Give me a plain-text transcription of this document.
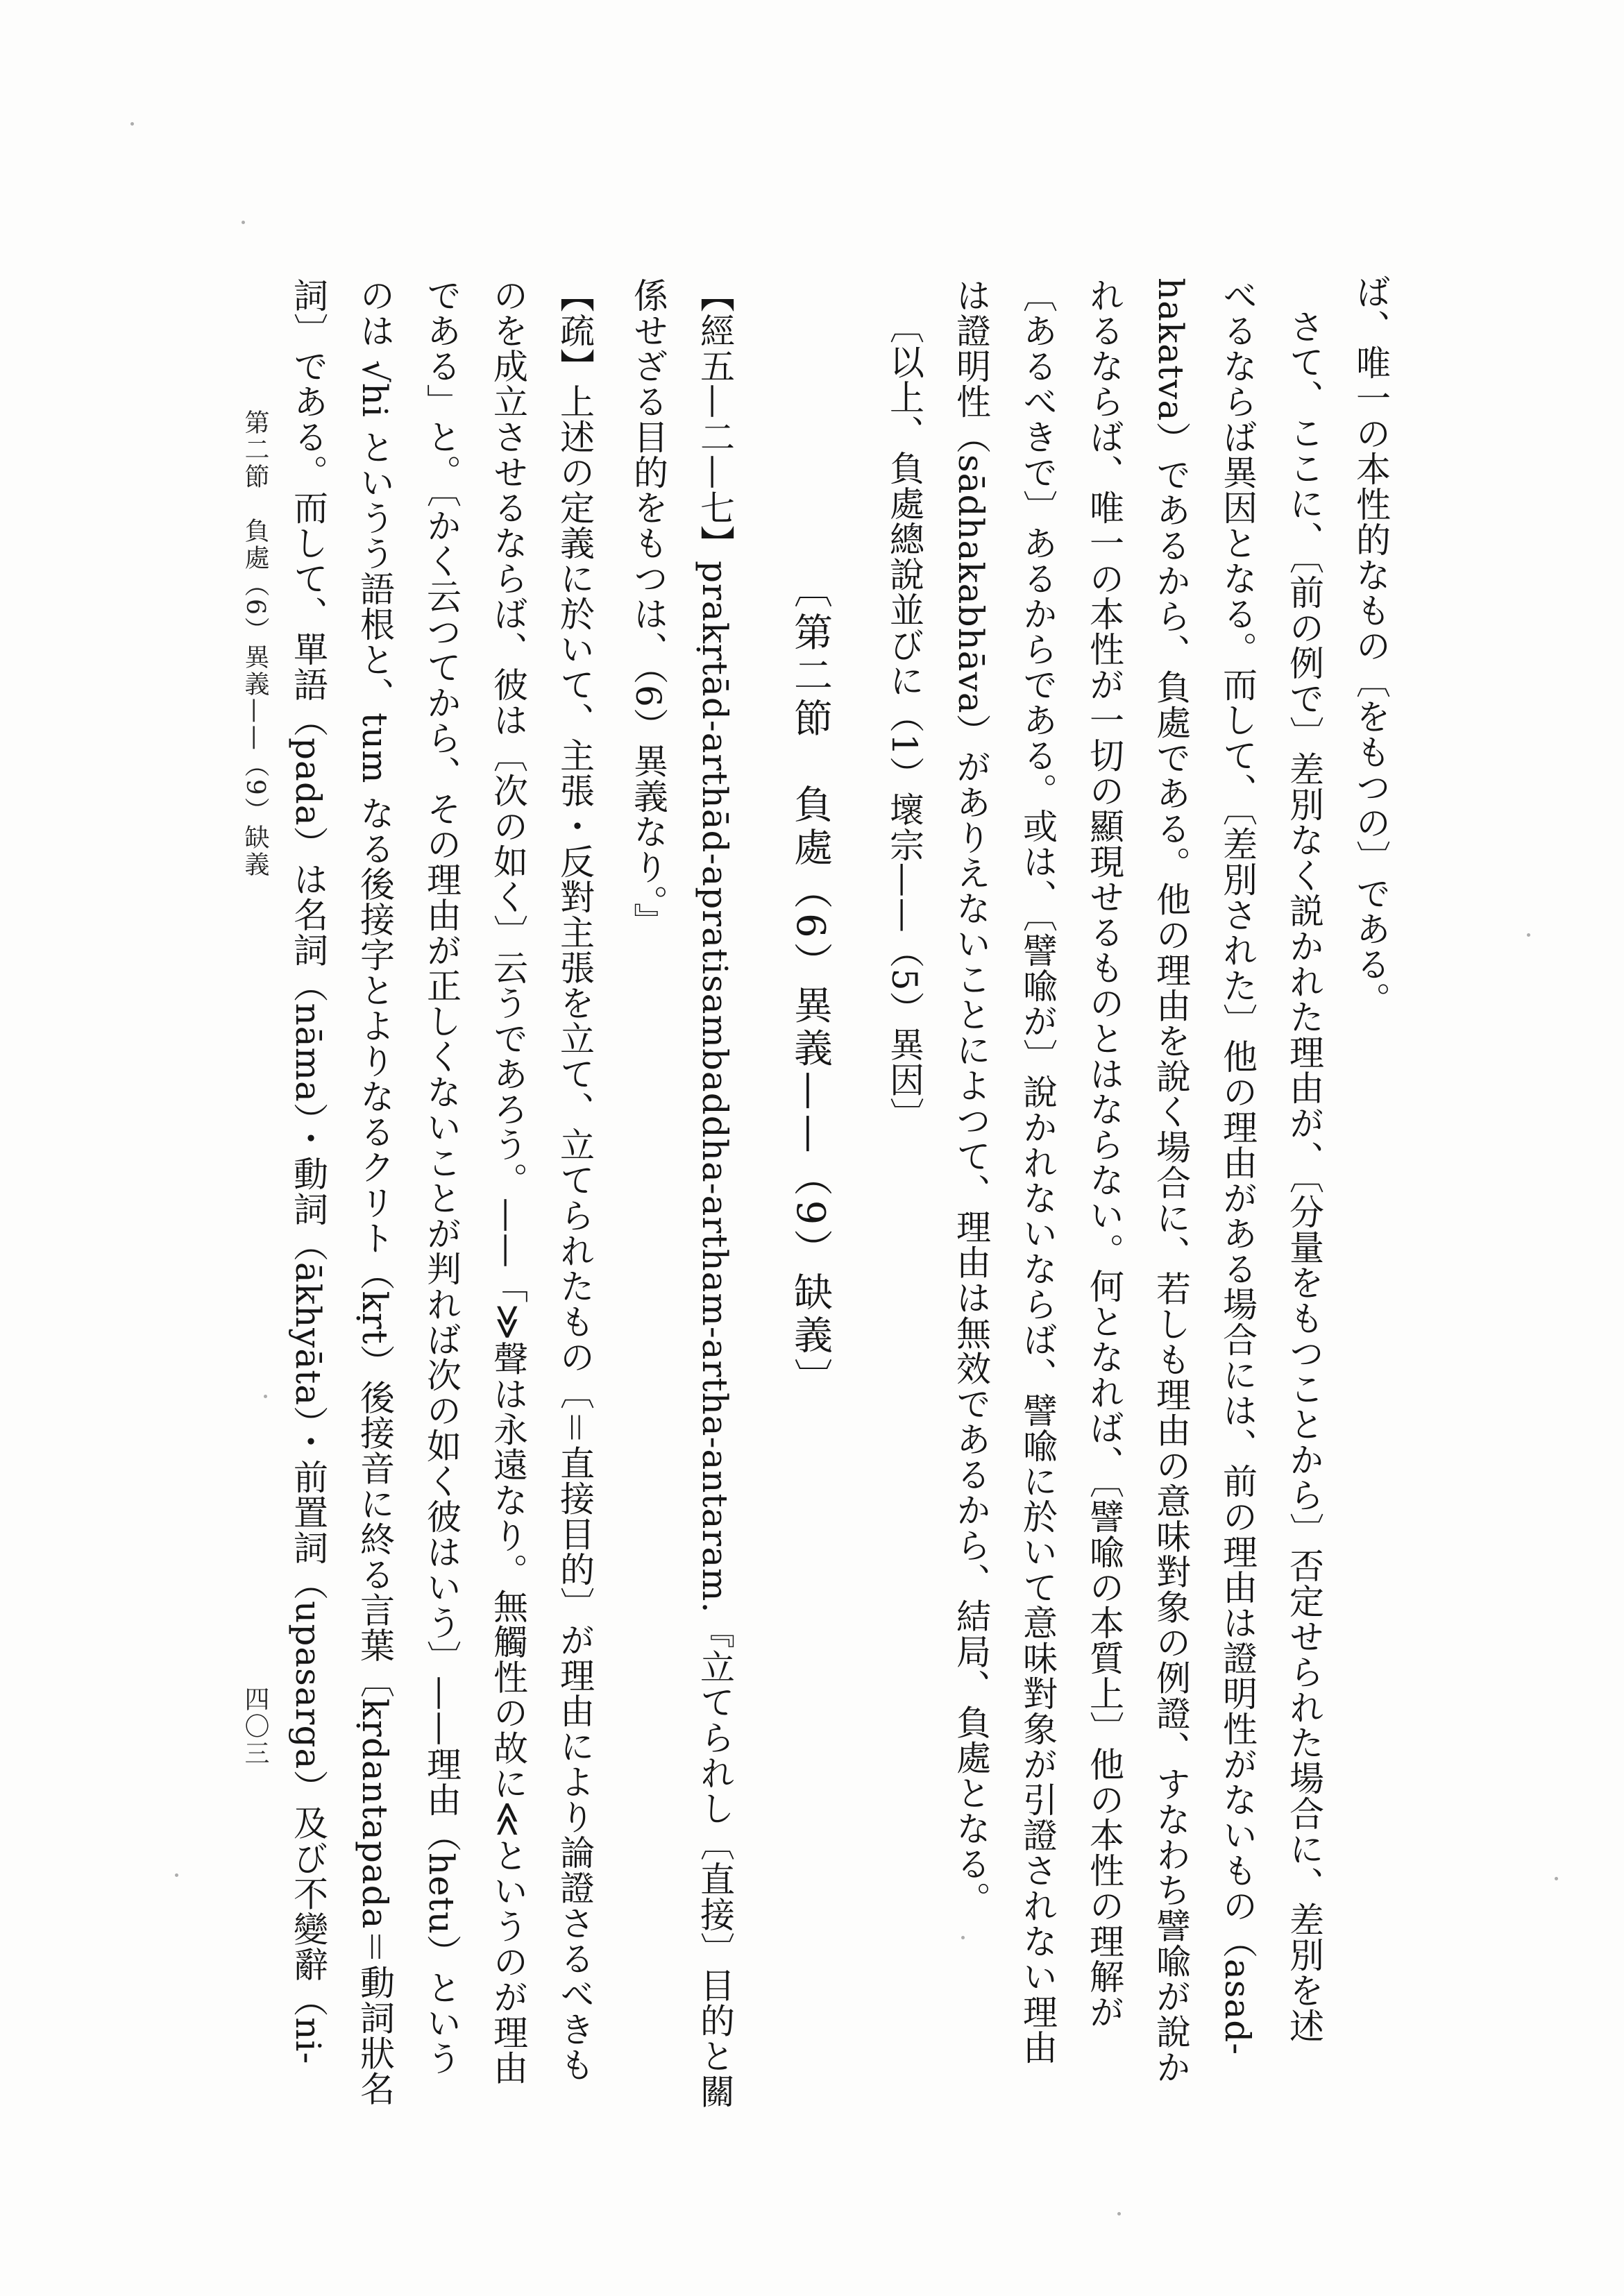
ば、唯一の本性的なもの〔をもつの〕である。
さて、ここに、〔前の例で〕差別なく説かれた理由が、〔分量をもつことから〕否定せられた場合に、差別を述
べるならば異因となる。而して、〔差別された〕他の理由がある場合には、前の理由は證明性がないもの（asad-
hakatva）であるから、負處である。他の理由を說く場合に、若しも理由の意味對象の例證、すなわち譬喩が說か
れるならば、唯一の本性が一切の顯現せるものとはならない。何となれば、〔譬喩の本質上〕他の本性の理解が
〔あるべきで〕あるからである。或は、〔譬喩が〕說かれないならば、譬喩に於いて意味對象が引證されない理由
は證明性（sādhakabhāva）がありえないことによつて、理由は無效であるから、結局、負處となる。
〔以上、負處總說並びに（1）壞宗——（5）異因〕
〔第二節　負處（6）異義——（9）缺義〕
【經五—二—七】prakṛtād-arthād-apratisambaddha-artham-artha-antaram.『立てられし〔直接〕目的と關
係せざる目的をもつは、（6）異義なり。』
【疏】上述の定義に於いて、主張・反對主張を立て、立てられたもの〔＝直接目的〕が理由により論證さるべきも
のを成立させるならば、彼は〔次の如く〕云うであろう。——「≫聲は永遠なり。無觸性の故に≪というのが理由
である」と。〔かく云つてから、その理由が正しくないことが判れば次の如く彼はいう〕——理由（hetu）という
のは √hi というう語根と、tum なる後接字とよりなるクリト（kṛt）後接音に終る言葉〔kṛdantapada＝動詞狀名
詞〕である。而して、單語（pada）は名詞（nāma）・動詞（ākhyāta）・前置詞（upasarga）及び不變辭（ni-
第二節　負處（6）異義——（9）缺義
四〇三
